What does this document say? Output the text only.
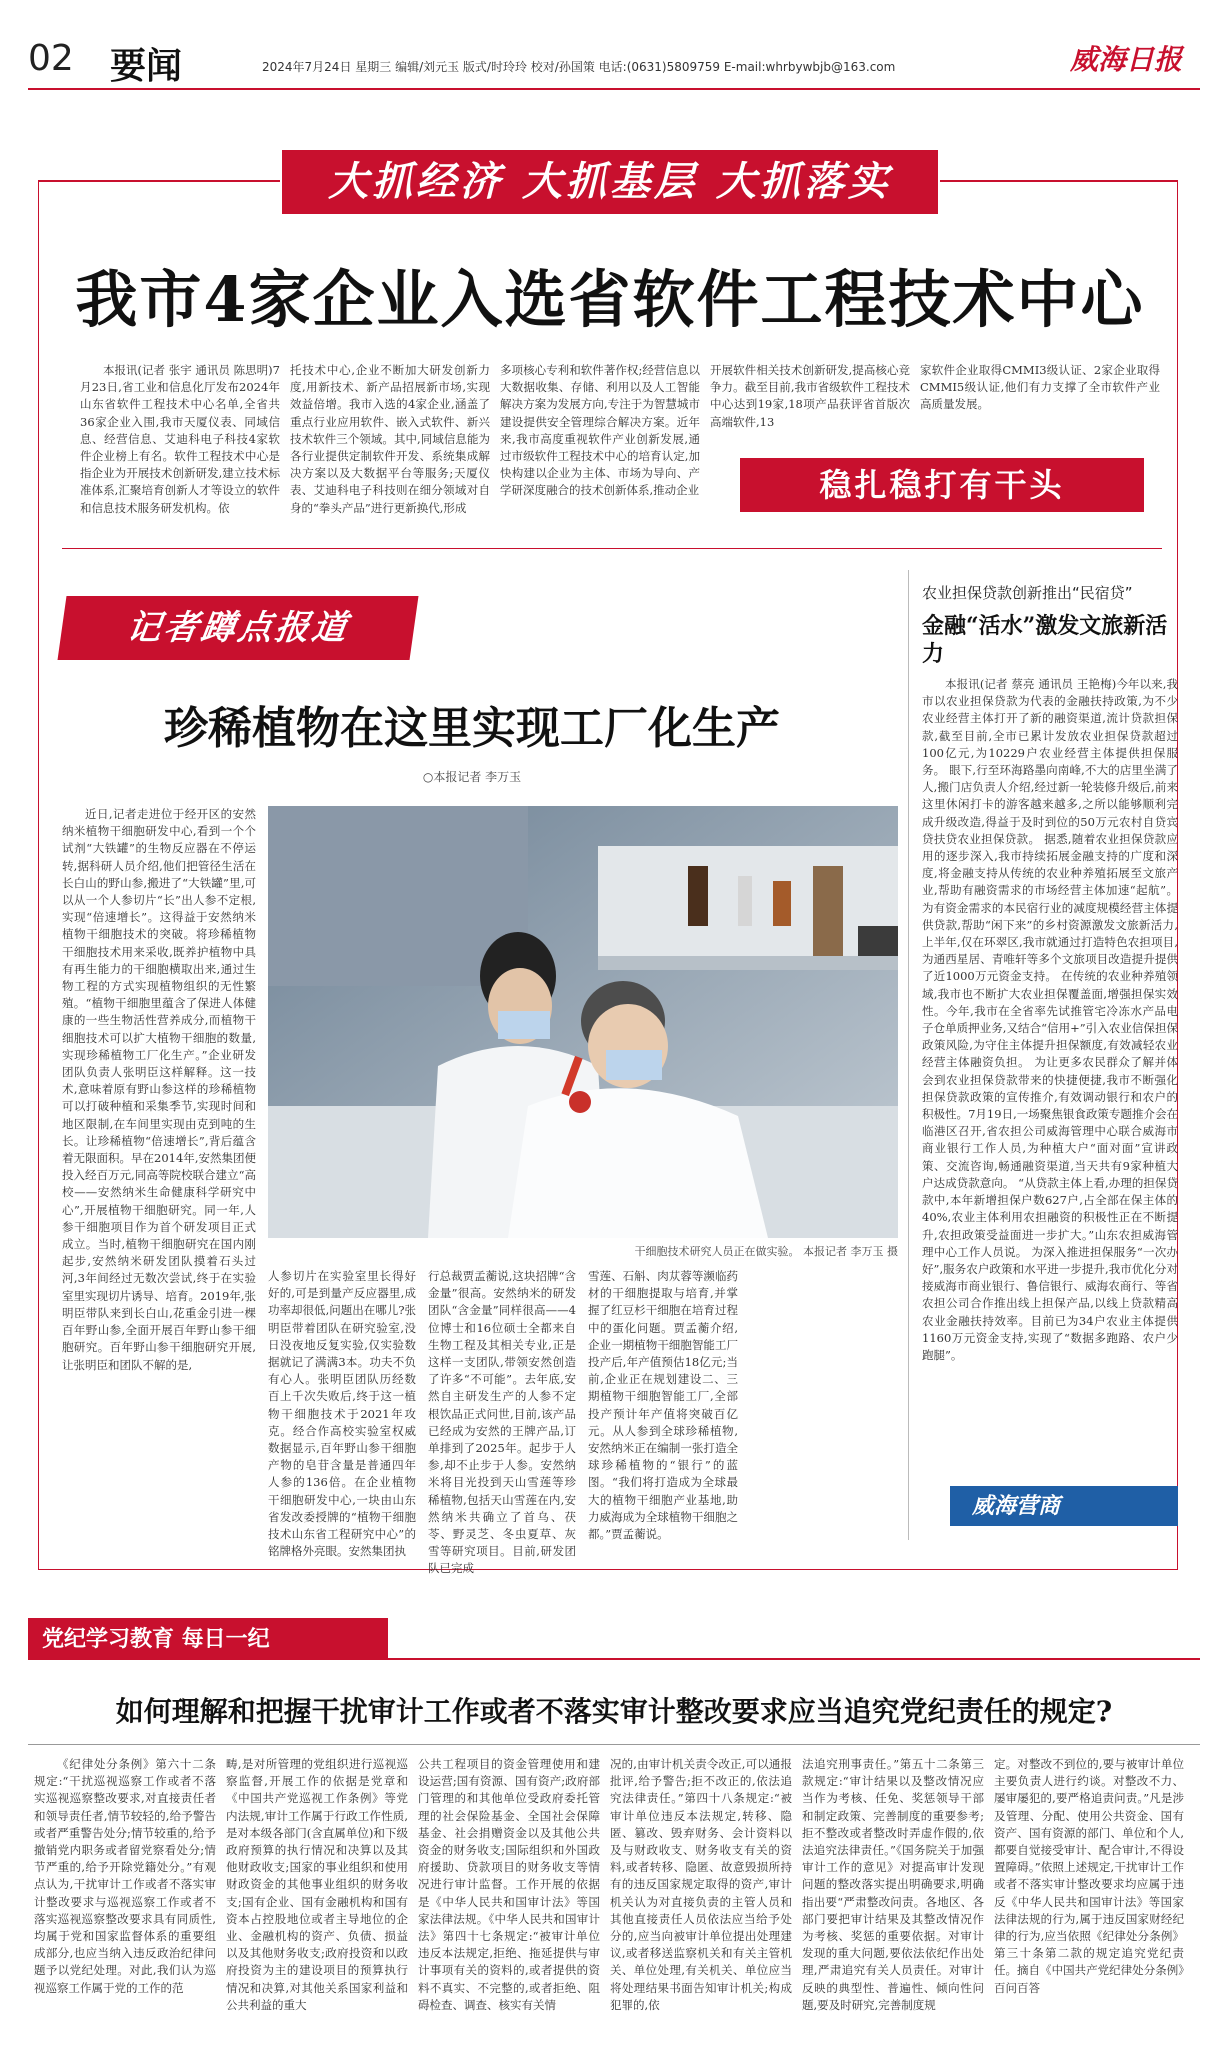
02 要闻	2024年7月24日 星期三 编辑/刘元玉 版式/时玲玲 校对/孙国策 电话:(0631)5809759 E-mail:whrbywbjb@163.com	威海日报
大抓经济 大抓基层 大抓落实
我市4家企业入选省软件工程技术中心

本报讯(记者 张宇 通讯员 陈思明)7月23日,省工业和信息化厅发布2024年山东省软件工程技术中心名单,全省共36家企业入围,我市天厦仪表、同域信息、经营信息、艾迪科电子科技4家软件企业榜上有名。软件工程技术中心是指企业为开展技术创新研发,建立技术标准体系,汇聚培育创新人才等设立的软件和信息技术服务研发机构。依

托技术中心,企业不断加大研发创新力度,用新技术、新产品招展新市场,实现效益倍增。我市入选的4家企业,涵盖了重点行业应用软件、嵌入式软件、新兴技术软件三个领域。其中,同域信息能为各行业提供定制软件开发、系统集成解决方案以及大数据平台等服务;天厦仪表、艾迪科电子科技则在细分领域对自身的“拳头产品”进行更新换代,形成

多项核心专利和软件著作权;经营信息以大数据收集、存储、利用以及人工智能解决方案为发展方向,专注于为智慧城市建设提供安全管理综合解决方案。近年来,我市高度重视软件产业创新发展,通过市级软件工程技术中心的培育认定,加快构建以企业为主体、市场为导向、产学研深度融合的技术创新体系,推动企业

开展软件相关技术创新研发,提高核心竞争力。截至目前,我市省级软件工程技术中心达到19家,18项产品获评省首版次高端软件,13

家软件企业取得CMMI3级认证、2家企业取得CMMI5级认证,他们有力支撑了全市软件产业高质量发展。

稳扎稳打有干头
记者蹲点报道
珍稀植物在这里实现工厂化生产
○本报记者 李万玉
干细胞技术研究人员正在做实验。 本报记者 李万玉 摄

近日,记者走进位于经开区的安然纳米植物干细胞研发中心,看到一个个试剂“大铁罐”的生物反应器在不停运转,据科研人员介绍,他们把管径生活在长白山的野山参,搬进了“大铁罐”里,可以从一个人参切片“长”出人参不定根,实现“倍速增长”。这得益于安然纳米植物干细胞技术的突破。将珍稀植物干细胞技术用来采收,既养护植物中具有再生能力的干细胞横取出来,通过生物工程的方式实现植物组织的无性繁殖。“植物干细胞里蕴含了保进人体健康的一些生物活性营养成分,而植物干细胞技术可以扩大植物干细胞的数量,实现珍稀植物工厂化生产。”企业研发团队负责人张明臣这样解释。这一技术,意味着原有野山参这样的珍稀植物可以打破种植和采集季节,实现时间和地区限制,在车间里实现由克到吨的生长。让珍稀植物“倍速增长”,背后蕴含着无限面积。早在2014年,安然集团便投入经百万元,同高等院校联合建立“高校——安然纳米生命健康科学研究中心”,开展植物干细胞研究。同一年,人参干细胞项目作为首个研发项目正式成立。当时,植物干细胞研究在国内刚起步,安然纳米研发团队摸着石头过河,3年间经过无数次尝试,终于在实验室里实现切片诱导、培育。2019年,张明臣带队来到长白山,花重金引进一棵百年野山参,全面开展百年野山参干细胞研究。百年野山参干细胞研究开展,让张明臣和团队不解的是,

人参切片在实验室里长得好好的,可是到量产反应器里,成功率却很低,问题出在哪儿?张明臣带着团队在研究验室,没日没夜地反复实验,仅实验数据就记了满满3本。功夫不负有心人。张明臣团队历经数百上千次失败后,终于这一植物干细胞技术于2021年攻克。经合作高校实验室权威数据显示,百年野山参干细胞产物的皂苷含量是普通四年人参的136倍。在企业植物干细胞研发中心,一块由山东省发改委授牌的“植物干细胞技术山东省工程研究中心”的铭牌格外亮眼。安然集团执

行总裁贾孟蘅说,这块招牌“含金量”很高。安然纳米的研发团队“含金量”同样很高——4位博士和16位硕士全都来自生物工程及其相关专业,正是这样一支团队,带领安然创造了许多“不可能”。去年底,安然自主研发生产的人参不定根饮品正式问世,目前,该产品已经成为安然的王牌产品,订单排到了2025年。起步于人参,却不止步于人参。安然纳米将目光投到天山雪莲等珍稀植物,包括天山雪莲在内,安然纳米共确立了首乌、茯苓、野灵芝、冬虫夏草、灰雪等研究项目。目前,研发团队已完成

雪莲、石斛、肉苁蓉等濒临药材的干细胞提取与培育,并掌握了红豆杉干细胞在培育过程中的蛋化问题。贾孟蘅介绍,企业一期植物干细胞智能工厂投产后,年产值预估18亿元;当前,企业正在规划建设二、三期植物干细胞智能工厂,全部投产预计年产值将突破百亿元。从人参到全球珍稀植物,安然纳米正在编制一张打造全球珍稀植物的“银行”的蓝图。“我们将打造成为全球最大的植物干细胞产业基地,助力威海成为全球植物干细胞之都。”贾孟蘅说。

农业担保贷款创新推出“民宿贷”
金融“活水”激发文旅新活力

本报讯(记者 蔡亮 通讯员 王艳梅)今年以来,我市以农业担保贷款为代表的金融扶持政策,为不少农业经营主体打开了新的融资渠道,流计贷款担保款,截至目前,全市已累计发放农业担保贷款超过100亿元,为10229户农业经营主体提供担保服务。 眼下,行至环海路墨向南峰,不大的店里坐满了人,搬门店负责人介绍,经过新一轮装修升级后,前来这里休闲打卡的游客越来越多,之所以能够顺利完成升级改造,得益于及时到位的50万元农村自贷宾贷扶贷农业担保贷款。 据悉,随着农业担保贷款应用的逐步深入,我市持续拓展金融支持的广度和深度,将金融支持从传统的农业种养殖拓展至文旅产业,帮助有融资需求的市场经营主体加速“起航”。 为有资金需求的本民宿行业的减度规模经营主体提供贷款,帮助“闲下来”的乡村资源激发文旅新活力,上半年,仅在环翠区,我市就通过打造特色农担项目,为通西星居、青唯轩等多个文旅项目改造提升提供了近1000万元资金支持。 在传统的农业种养殖领域,我市也不断扩大农业担保覆盖面,增强担保实效性。今年,我市在全省率先试推管宅冷冻水产品电子仓单质押业务,又结合“信用+”引入农业信保担保政策风险,为守住主体提升担保额度,有效减轻农业经营主体融资负担。 为让更多农民群众了解并体会到农业担保贷款带来的快捷便捷,我市不断强化担保贷款政策的宣传推介,有效调动银行和农户的积极性。7月19日,一场聚焦银食政策专题推介会在临港区召开,省农担公司威海管理中心联合威海市商业银行工作人员,为种植大户“面对面”宣讲政策、交流咨询,畅通融资渠道,当天共有9家种植大户达成贷款意向。 “从贷款主体上看,办理的担保贷款中,本年新增担保户数627户,占全部在保主体的40%,农业主体利用农担融资的积极性正在不断提升,农担政策受益面进一步扩大。”山东农担威海管理中心工作人员说。 为深入推进担保服务“一次办好”,服务农户政策和水平进一步提升,我市优化分对接威海市商业银行、鲁信银行、威海农商行、等省农担公司合作推出线上担保产品,以线上贷款精高农业金融扶持效率。目前已为34户农业主体提供1160万元资金支持,实现了“数据多跑路、农户少跑腿”。

威海营商
党纪学习教育 每日一纪
如何理解和把握干扰审计工作或者不落实审计整改要求应当追究党纪责任的规定?

《纪律处分条例》第六十二条规定:“干扰巡视巡察工作或者不落实巡视巡察整改要求,对直接责任者和领导责任者,情节较轻的,给予警告或者严重警告处分;情节较重的,给予撤销党内职务或者留党察看处分;情节严重的,给予开除党籍处分。”有观点认为,干扰审计工作或者不落实审计整改要求与巡视巡察工作或者不落实巡视巡察整改要求具有同质性,均属于党和国家监督体系的重要组成部分,也应当纳入违反政治纪律问题予以党纪处理。对此,我们认为巡视巡察工作属于党的工作的范

畴,是对所管理的党组织进行巡视巡察监督,开展工作的依据是党章和《中国共产党巡视工作条例》等党内法规,审计工作属于行政工作性质,是对本级各部门(含直属单位)和下级政府预算的执行情况和决算以及其他财政收支;国家的事业组织和使用财政资金的其他事业组织的财务收支;国有企业、国有金融机构和国有资本占控股地位或者主导地位的企业、金融机构的资产、负债、损益以及其他财务收支;政府投资和以政府投资为主的建设项目的预算执行情况和决算,对其他关系国家利益和公共利益的重大

公共工程项目的资金管理使用和建设运营;国有资源、国有资产;政府部门管理的和其他单位受政府委托管理的社会保险基金、全国社会保障基金、社会捐赠资金以及其他公共资金的财务收支;国际组织和外国政府援助、贷款项目的财务收支等情况进行审计监督。工作开展的依据是《中华人民共和国审计法》等国家法律法规。《中华人民共和国审计法》第四十七条规定:“被审计单位违反本法规定,拒绝、拖延提供与审计事项有关的资料的,或者提供的资料不真实、不完整的,或者拒绝、阻碍检查、调查、核实有关情

况的,由审计机关责令改正,可以通报批评,给予警告;拒不改正的,依法追究法律责任。”第四十八条规定:“被审计单位违反本法规定,转移、隐匿、篡改、毁弃财务、会计资料以及与财政收支、财务收支有关的资料,或者转移、隐匿、故意毁损所持有的违反国家规定取得的资产,审计机关认为对直接负责的主管人员和其他直接责任人员依法应当给予处分的,应当向被审计单位提出处理建议,或者移送监察机关和有关主管机关、单位处理,有关机关、单位应当将处理结果书面告知审计机关;构成犯罪的,依

法追究刑事责任。”第五十二条第三款规定:“审计结果以及整改情况应当作为考核、任免、奖惩领导干部和制定政策、完善制度的重要参考;拒不整改或者整改时弄虚作假的,依法追究法律责任。”《国务院关于加强审计工作的意见》对提高审计发现问题的整改落实提出明确要求,明确指出要“严肃整改问责。各地区、各部门要把审计结果及其整改情况作为考核、奖惩的重要依据。对审计发现的重大问题,要依法依纪作出处理,严肃追究有关人员责任。对审计反映的典型性、普遍性、倾向性问题,要及时研究,完善制度规

定。对整改不到位的,要与被审计单位主要负责人进行约谈。对整改不力、屡审屡犯的,要严格追责问责。”凡是涉及管理、分配、使用公共资金、国有资产、国有资源的部门、单位和个人,都要自觉接受审计、配合审计,不得设置障碍。”依照上述规定,干扰审计工作或者不落实审计整改要求均应属于违反《中华人民共和国审计法》等国家法律法规的行为,属于违反国家财经纪律的行为,应当依照《纪律处分条例》第三十条第二款的规定追究党纪责任。摘自《中国共产党纪律处分条例》百问百答
